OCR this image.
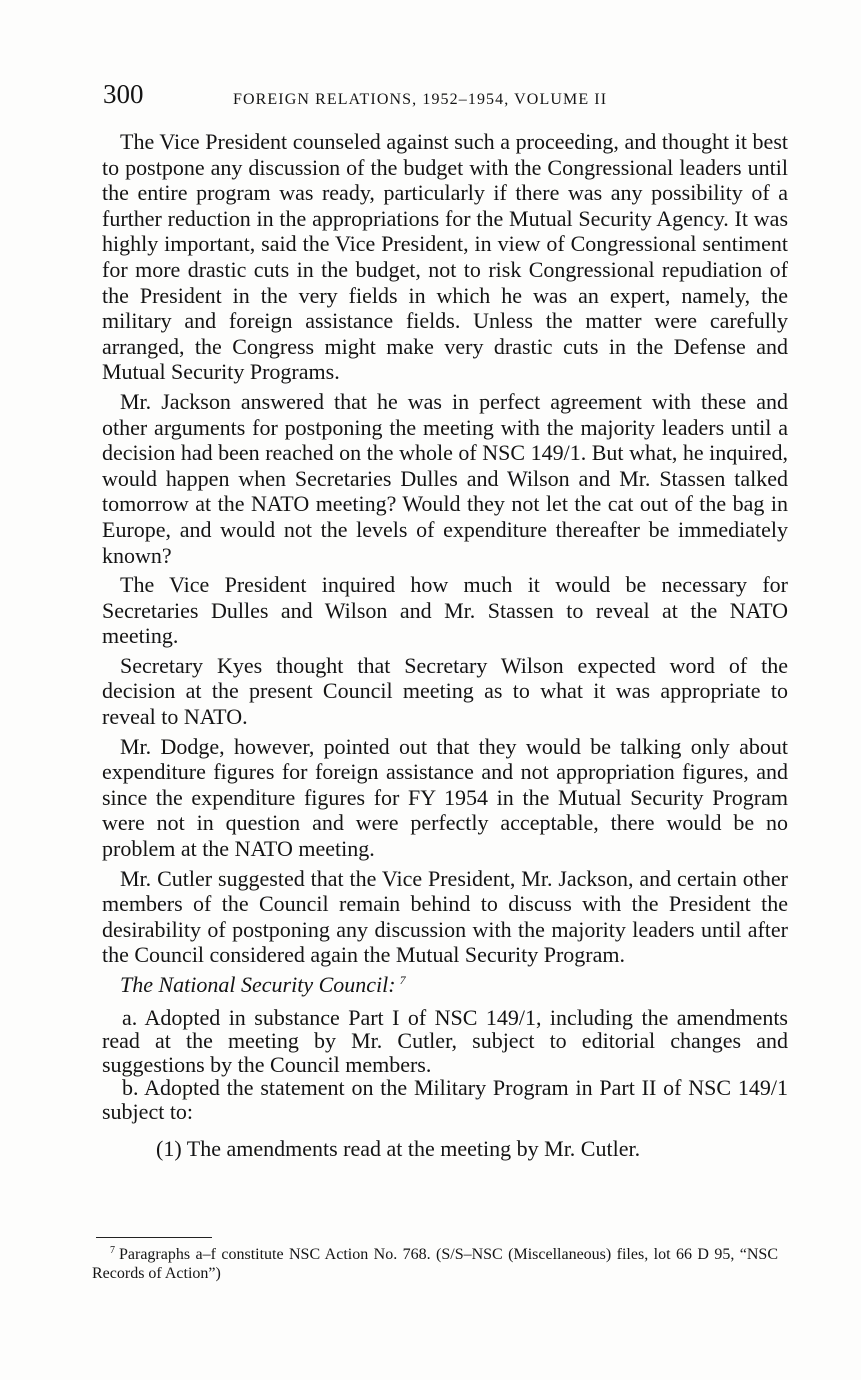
300	FOREIGN RELATIONS, 1952–1954, VOLUME II

The Vice President counseled against such a proceeding, and thought it best to postpone any discussion of the budget with the Congressional leaders until the entire program was ready, particularly if there was any possibility of a further reduction in the appropriations for the Mutual Security Agency. It was highly important, said the Vice President, in view of Congressional sentiment for more drastic cuts in the budget, not to risk Congressional repudiation of the President in the very fields in which he was an expert, namely, the military and foreign assistance fields. Unless the matter were carefully arranged, the Congress might make very drastic cuts in the Defense and Mutual Security Programs.

Mr. Jackson answered that he was in perfect agreement with these and other arguments for postponing the meeting with the majority leaders until a decision had been reached on the whole of NSC 149/1. But what, he inquired, would happen when Secretaries Dulles and Wilson and Mr. Stassen talked tomorrow at the NATO meeting? Would they not let the cat out of the bag in Europe, and would not the levels of expenditure thereafter be immediately known?

The Vice President inquired how much it would be necessary for Secretaries Dulles and Wilson and Mr. Stassen to reveal at the NATO meeting.

Secretary Kyes thought that Secretary Wilson expected word of the decision at the present Council meeting as to what it was appropriate to reveal to NATO.

Mr. Dodge, however, pointed out that they would be talking only about expenditure figures for foreign assistance and not appropriation figures, and since the expenditure figures for FY 1954 in the Mutual Security Program were not in question and were perfectly acceptable, there would be no problem at the NATO meeting.

Mr. Cutler suggested that the Vice President, Mr. Jackson, and certain other members of the Council remain behind to discuss with the President the desirability of postponing any discussion with the majority leaders until after the Council considered again the Mutual Security Program.

The National Security Council: $^7$

a. Adopted in substance Part I of NSC 149/1, including the amendments read at the meeting by Mr. Cutler, subject to editorial changes and suggestions by the Council members.

b. Adopted the statement on the Military Program in Part II of NSC 149/1 subject to:

(1) The amendments read at the meeting by Mr. Cutler.

$^7$ Paragraphs a–f constitute NSC Action No. 768. (S/S–NSC (Miscellaneous) files, lot 66 D 95, “NSC Records of Action”)
